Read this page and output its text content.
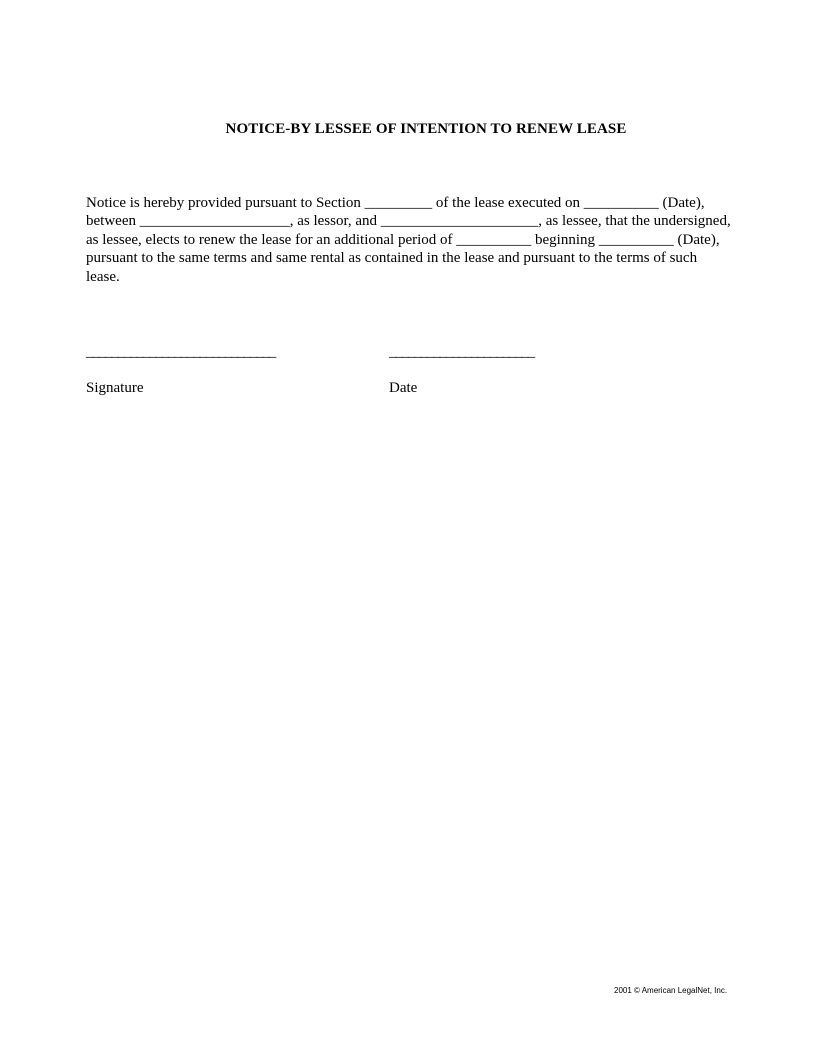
NOTICE-BY LESSEE OF INTENTION TO RENEW LEASE
Notice is hereby provided pursuant to Section _________ of the lease executed on __________ (Date),
between ____________________, as lessor, and _____________________, as lessee, that the undersigned,
as lessee, elects to renew the lease for an additional period of __________ beginning __________ (Date),
pursuant to the same terms and same rental as contained in the lease and pursuant to the terms of such
lease.
______________________________	_______________________
Signature	Date
2001 © American LegalNet, Inc.
